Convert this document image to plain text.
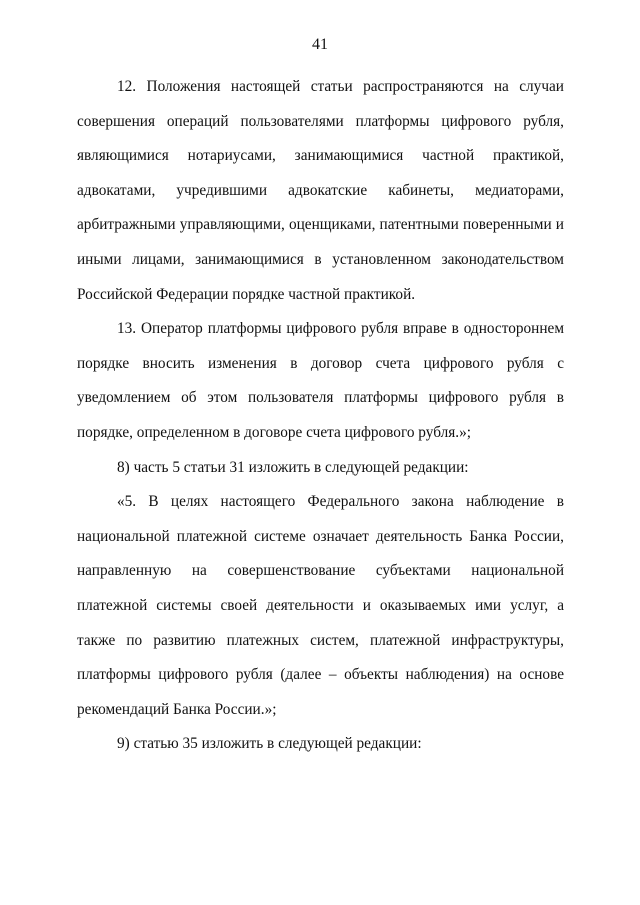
41

12. Положения настоящей статьи распространяются на случаи совершения операций пользователями платформы цифрового рубля, являющимися нотариусами, занимающимися частной практикой, адвокатами, учредившими адвокатские кабинеты, медиаторами, арбитражными управляющими, оценщиками, патентными поверенными и иными лицами, занимающимися в установленном законодательством Российской Федерации порядке частной практикой.

13. Оператор платформы цифрового рубля вправе в одностороннем порядке вносить изменения в договор счета цифрового рубля с уведомлением об этом пользователя платформы цифрового рубля в порядке, определенном в договоре счета цифрового рубля.»;

8) часть 5 статьи 31 изложить в следующей редакции:

«5. В целях настоящего Федерального закона наблюдение в национальной платежной системе означает деятельность Банка России, направленную на совершенствование субъектами национальной платежной системы своей деятельности и оказываемых ими услуг, а также по развитию платежных систем, платежной инфраструктуры, платформы цифрового рубля (далее – объекты наблюдения) на основе рекомендаций Банка России.»;

9) статью 35 изложить в следующей редакции:
